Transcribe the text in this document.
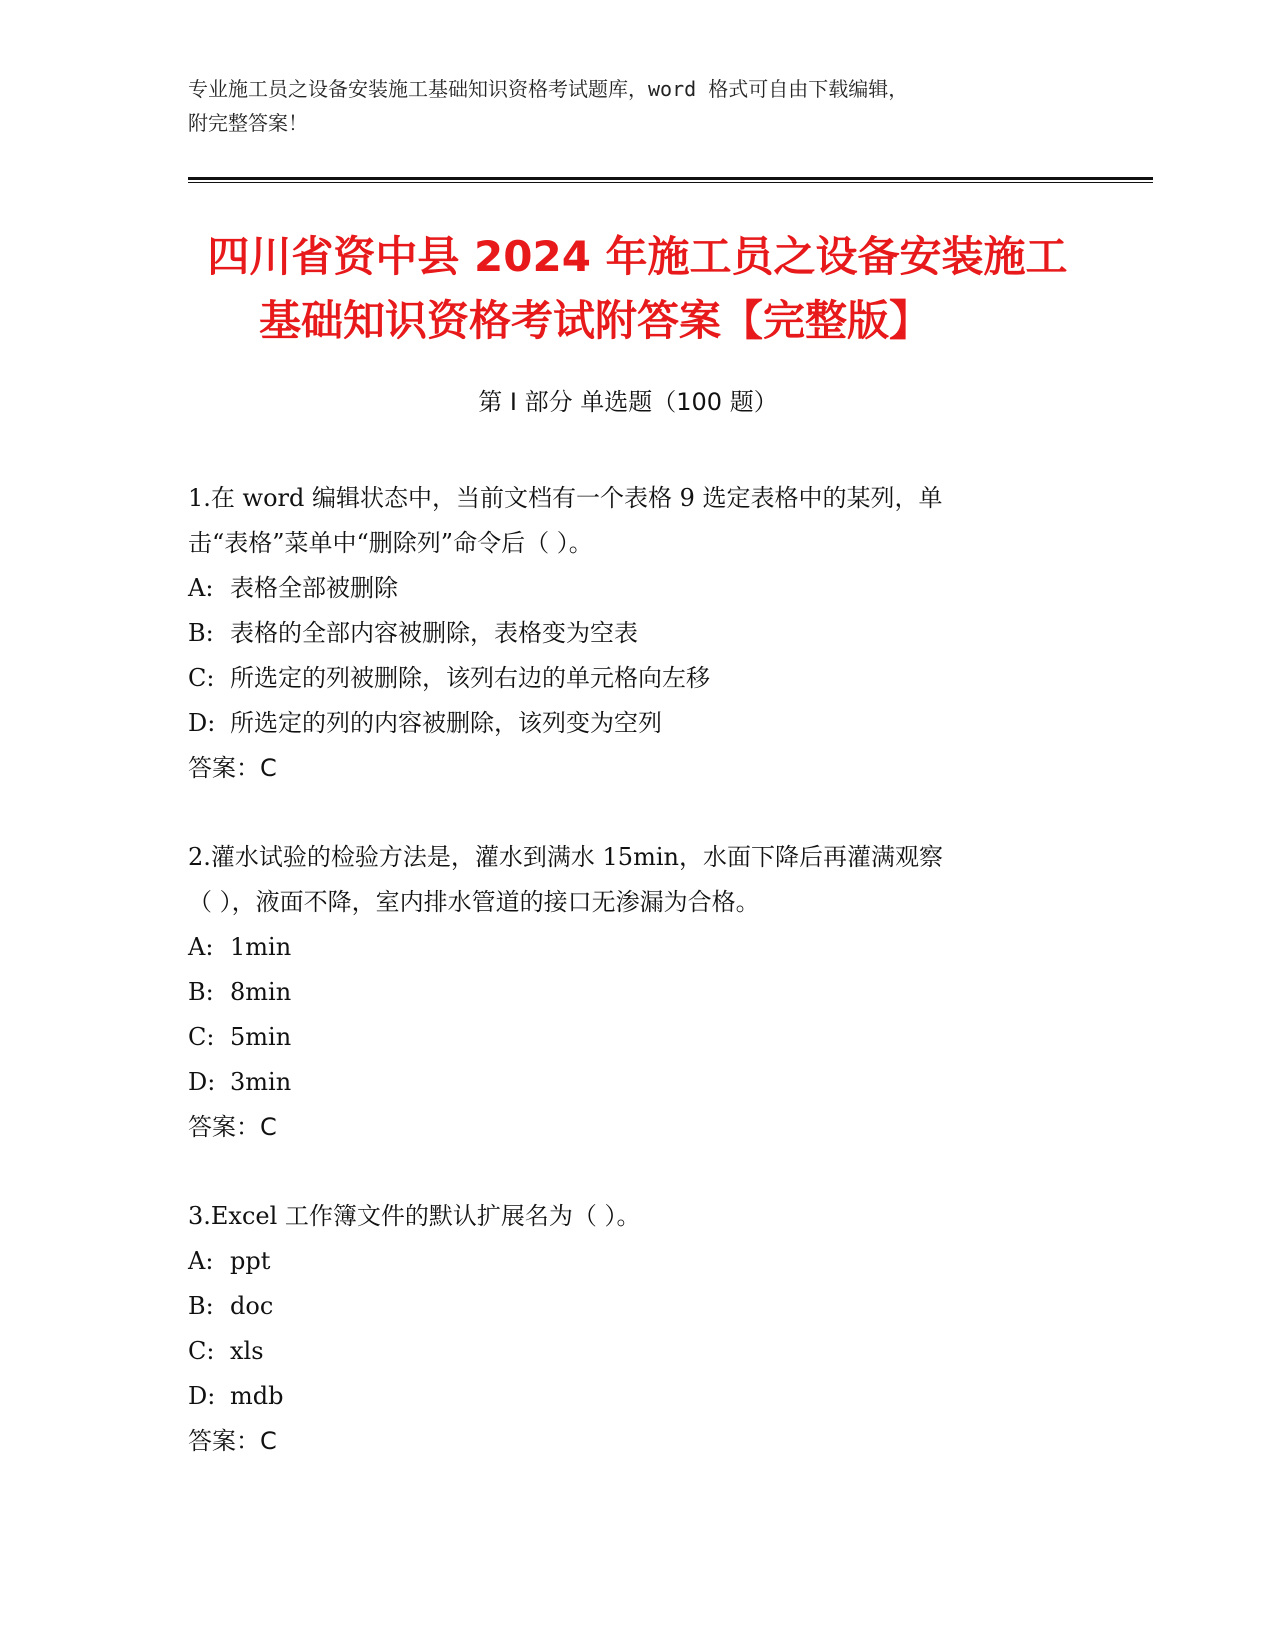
专业施工员之设备安装施工基础知识资格考试题库，word 格式可自由下载编辑，
附完整答案！
四川省资中县 2024 年施工员之设备安装施工
基础知识资格考试附答案【完整版】
第 I 部分 单选题（100 题）
1.在 word 编辑状态中，当前文档有一个表格 9 选定表格中的某列，单
击“表格”菜单中“删除列”命令后（ ）。
A: 表格全部被删除
B: 表格的全部内容被删除，表格变为空表
C: 所选定的列被删除，该列右边的单元格向左移
D: 所选定的列的内容被删除，该列变为空列
答案：C
2.灌水试验的检验方法是，灌水到满水 15min，水面下降后再灌满观察
（ ），液面不降，室内排水管道的接口无渗漏为合格。
A: 1min
B: 8min
C: 5min
D: 3min
答案：C
3.Excel 工作簿文件的默认扩展名为（ ）。
A: ppt
B: doc
C: xls
D: mdb
答案：C
